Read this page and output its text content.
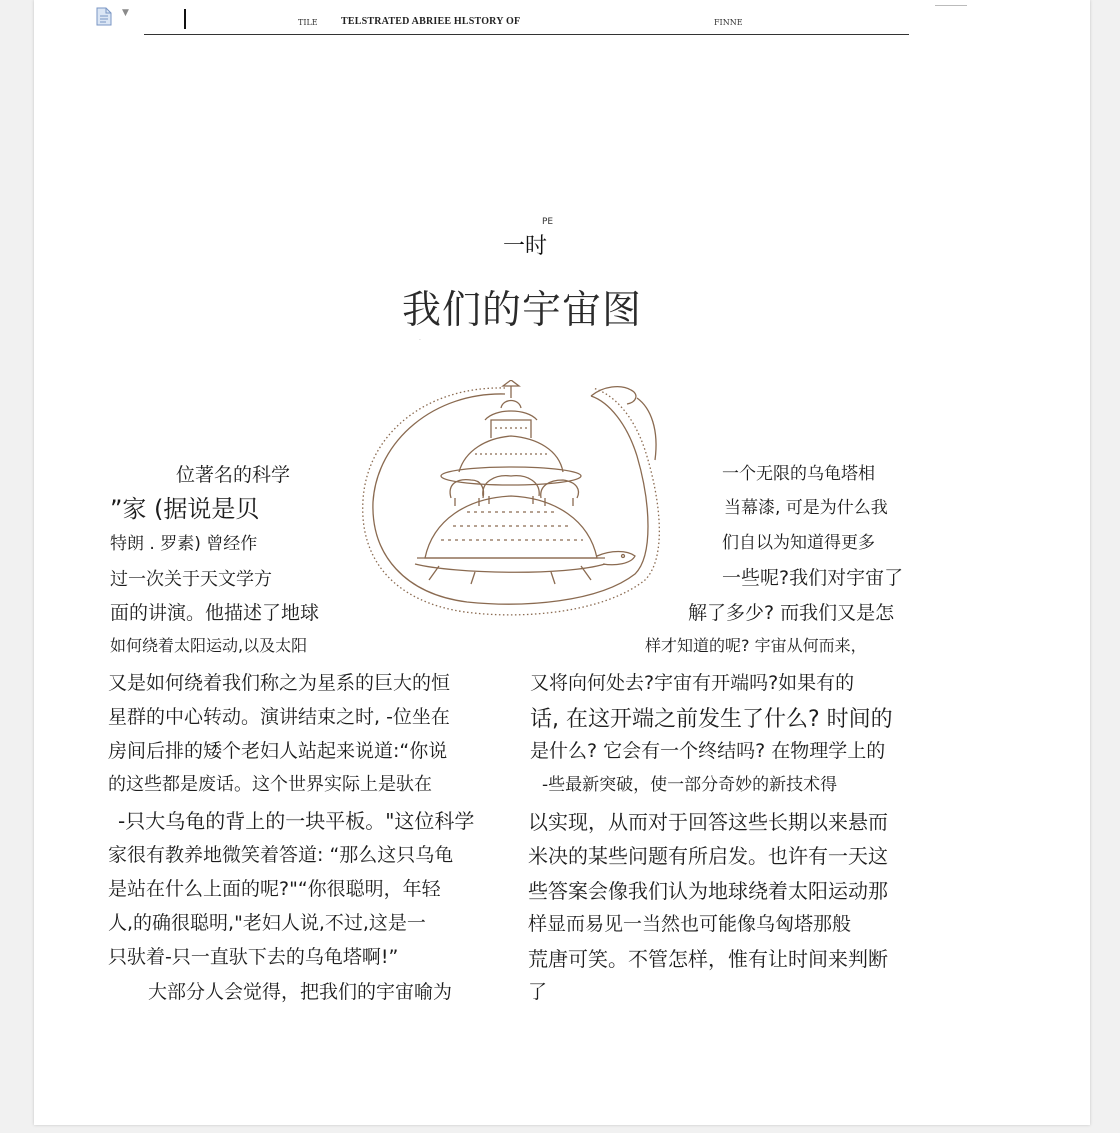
▼
TILE TELSTRATED ABRIEE HLSTORY OF	FINNE
PE
一时
我们的宇宙图
·
位著名的科学
”家 (据说是贝
特朗 . 罗素) 曾经作
过一次关于天文学方
面的讲演。他描述了地球
如何绕着太阳运动,以及太阳
一个无限的乌龟塔相
当幕漆, 可是为什么我
们自以为知道得更多
一些呢?我们对宇宙了
解了多少? 而我们又是怎
样才知道的呢? 宇宙从何而来，
又是如何绕着我们称之为星系的巨大的恒
星群的中心转动。演讲结束之时, -位坐在
房间后排的矮个老妇人站起来说道:“你说
的这些都是废话。这个世界实际上是驮在
-只大乌龟的背上的一块平板。"这位科学
家很有教养地微笑着答道: “那么这只乌龟
是站在什么上面的呢?"“你很聪明，年轻
人,的确很聪明,"老妇人说,不过,这是一
只驮着-只一直驮下去的乌龟塔啊!”
大部分人会觉得，把我们的宇宙喻为
又将向何处去?宇宙有开端吗?如果有的
话, 在这开端之前发生了什么? 时间的
是什么? 它会有一个终结吗? 在物理学上的
-些最新突破，使一部分奇妙的新技术得
以实现，从而对于回答这些长期以来悬而
米决的某些问题有所启发。也许有一天这
些答案会像我们认为地球绕着太阳运动那
样显而易见一当然也可能像乌匈塔那般
荒唐可笑。不管怎样，惟有让时间来判断
了
